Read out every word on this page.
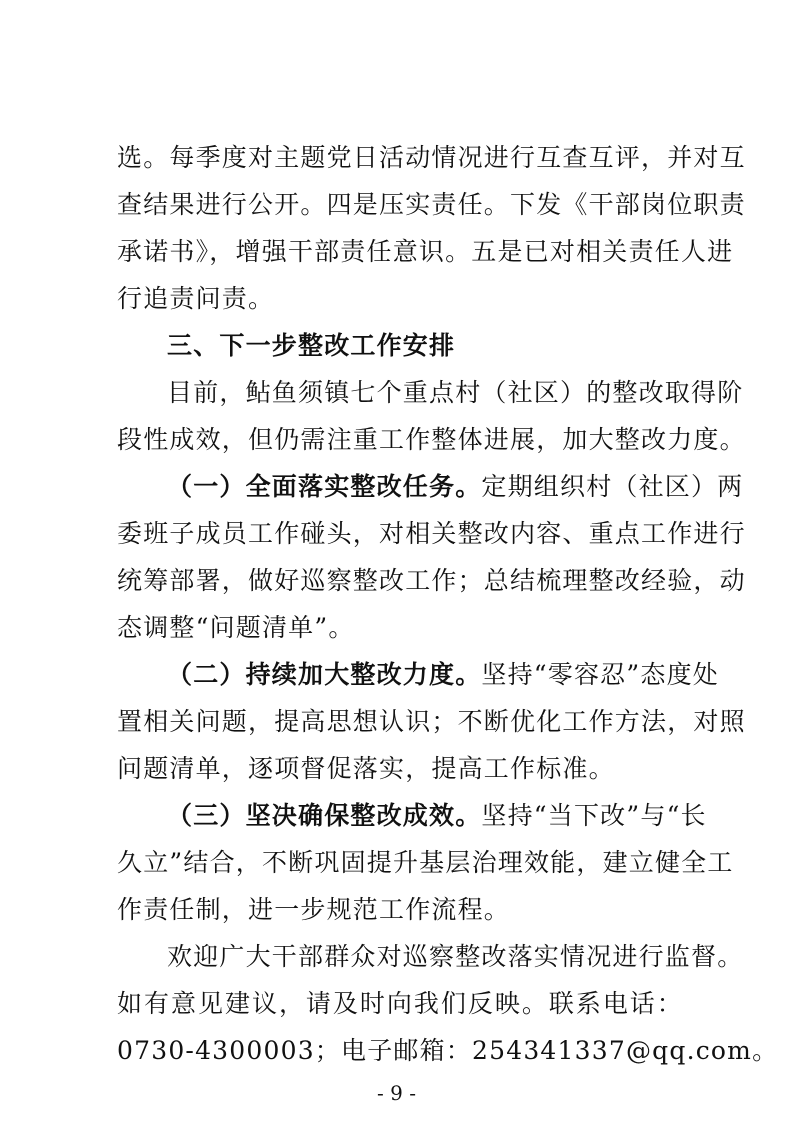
选。每季度对主题党日活动情况进行互查互评，并对互
查结果进行公开。四是压实责任。下发《干部岗位职责
承诺书》，增强干部责任意识。五是已对相关责任人进
行追责问责。
三、下一步整改工作安排
目前，鲇鱼须镇七个重点村（社区）的整改取得阶
段性成效，但仍需注重工作整体进展，加大整改力度。
（一）全面落实整改任务。定期组织村（社区）两
委班子成员工作碰头，对相关整改内容、重点工作进行
统筹部署，做好巡察整改工作；总结梳理整改经验，动
态调整“问题清单”。
（二）持续加大整改力度。坚持“零容忍”态度处
置相关问题，提高思想认识；不断优化工作方法，对照
问题清单，逐项督促落实，提高工作标准。
（三）坚决确保整改成效。坚持“当下改”与“长
久立”结合，不断巩固提升基层治理效能，建立健全工
作责任制，进一步规范工作流程。
欢迎广大干部群众对巡察整改落实情况进行监督。
如有意见建议，请及时向我们反映。联系电话：
0730-4300003；电子邮箱：254341337@qq.com。
- 9 -
